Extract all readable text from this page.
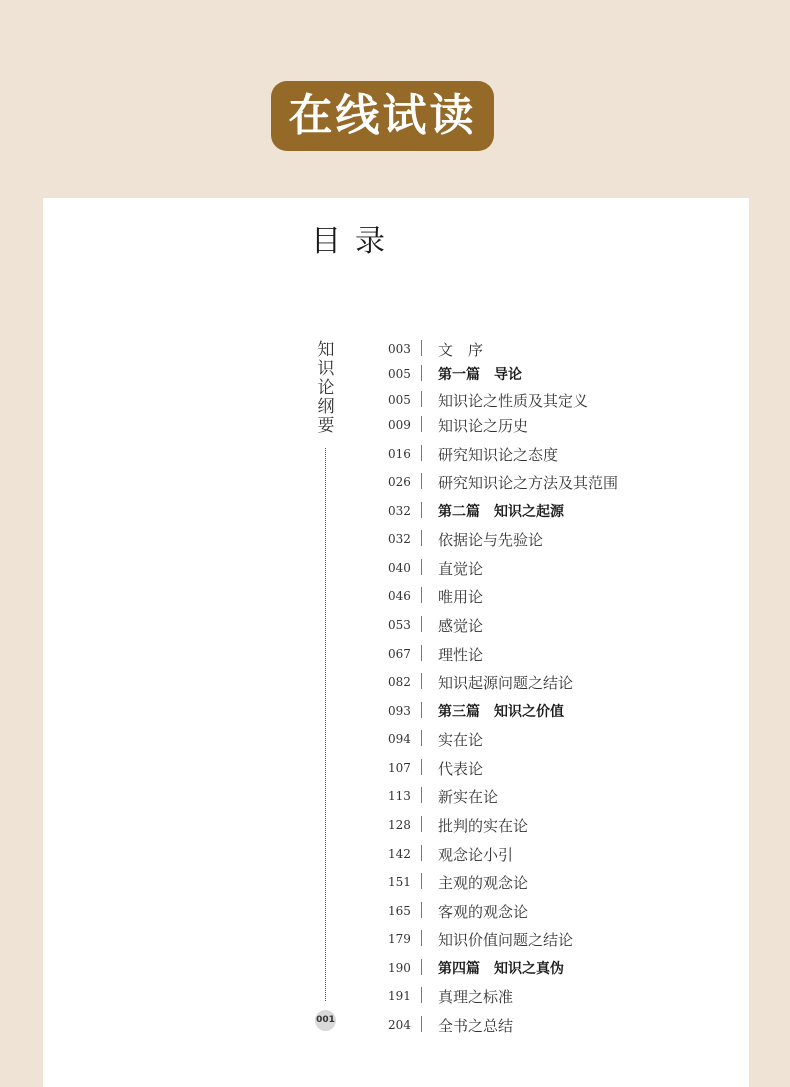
在线试读
目录
知识论纲要
001
003 文　序
005 第一篇　导论
005 知识论之性质及其定义
009 知识论之历史
016 研究知识论之态度
026 研究知识论之方法及其范围
032 第二篇　知识之起源
032 依据论与先验论
040 直觉论
046 唯用论
053 感觉论
067 理性论
082 知识起源问题之结论
093 第三篇　知识之价值
094 实在论
107 代表论
113 新实在论
128 批判的实在论
142 观念论小引
151 主观的观念论
165 客观的观念论
179 知识价值问题之结论
190 第四篇　知识之真伪
191 真理之标准
204 全书之总结
